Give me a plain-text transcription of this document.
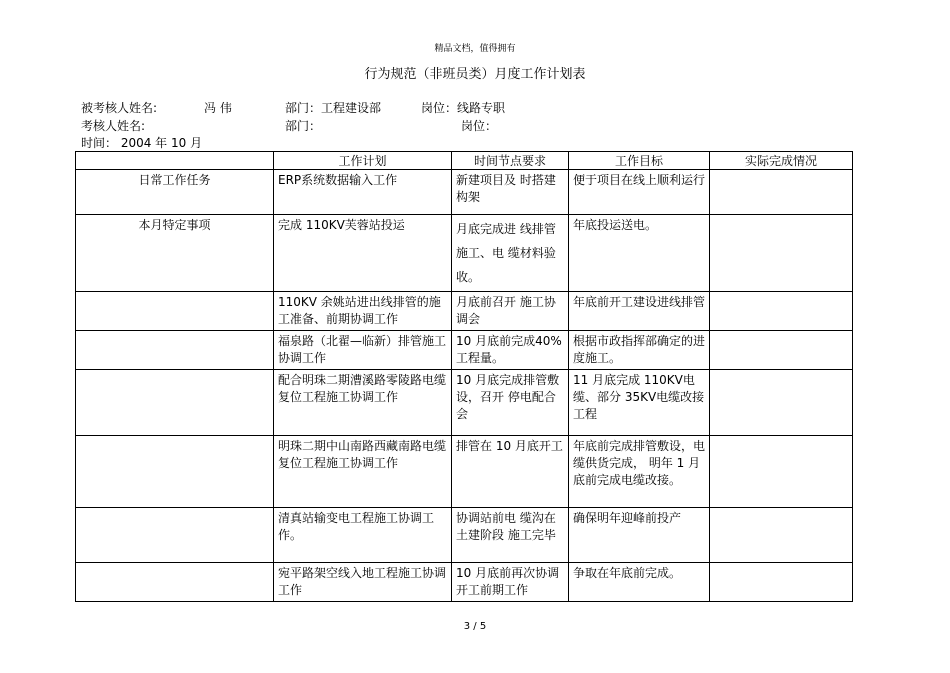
精品文档，值得拥有
行为规范（非班员类）月度工作计划表
被考核人姓名:	冯 伟	部门：工程建设部	岗位：线路专职
考核人姓名:	部门：	岗位：
时间： 2004 年 10 月
	工作计划	时间节点要求	工作目标	实际完成情况
日常工作任务	ERP系统数据输入工作	新建项目及 时搭建构架	便于项目在线上顺利运行	
本月特定事项	完成 110KV芙蓉站投运	月底完成进 线排管施工、电 缆材料验收。	年底投运送电。	
	110KV 余姚站进出线排管的施工准备、前期协调工作	月底前召开 施工协调会	年底前开工建设进线排管	
	福泉路（北翟—临新）排管施工协调工作	10 月底前完成40%工程量。	根据市政指挥部确定的进度施工。	
	配合明珠二期漕溪路零陵路电缆复位工程施工协调工作	10 月底完成排管敷设，召开 停电配合会	11 月底完成 110KV电缆、部分 35KV电缆改接工程	
	明珠二期中山南路西藏南路电缆复位工程施工协调工作	排管在 10 月底开工	年底前完成排管敷设，电缆供货完成， 明年 1 月底前完成电缆改接。	
	清真站输变电工程施工协调工作。	协调站前电 缆沟在土建阶段 施工完毕	确保明年迎峰前投产	
	宛平路架空线入地工程施工协调工作	10 月底前再次协调开工前期工作	争取在年底前完成。	
3 / 5
